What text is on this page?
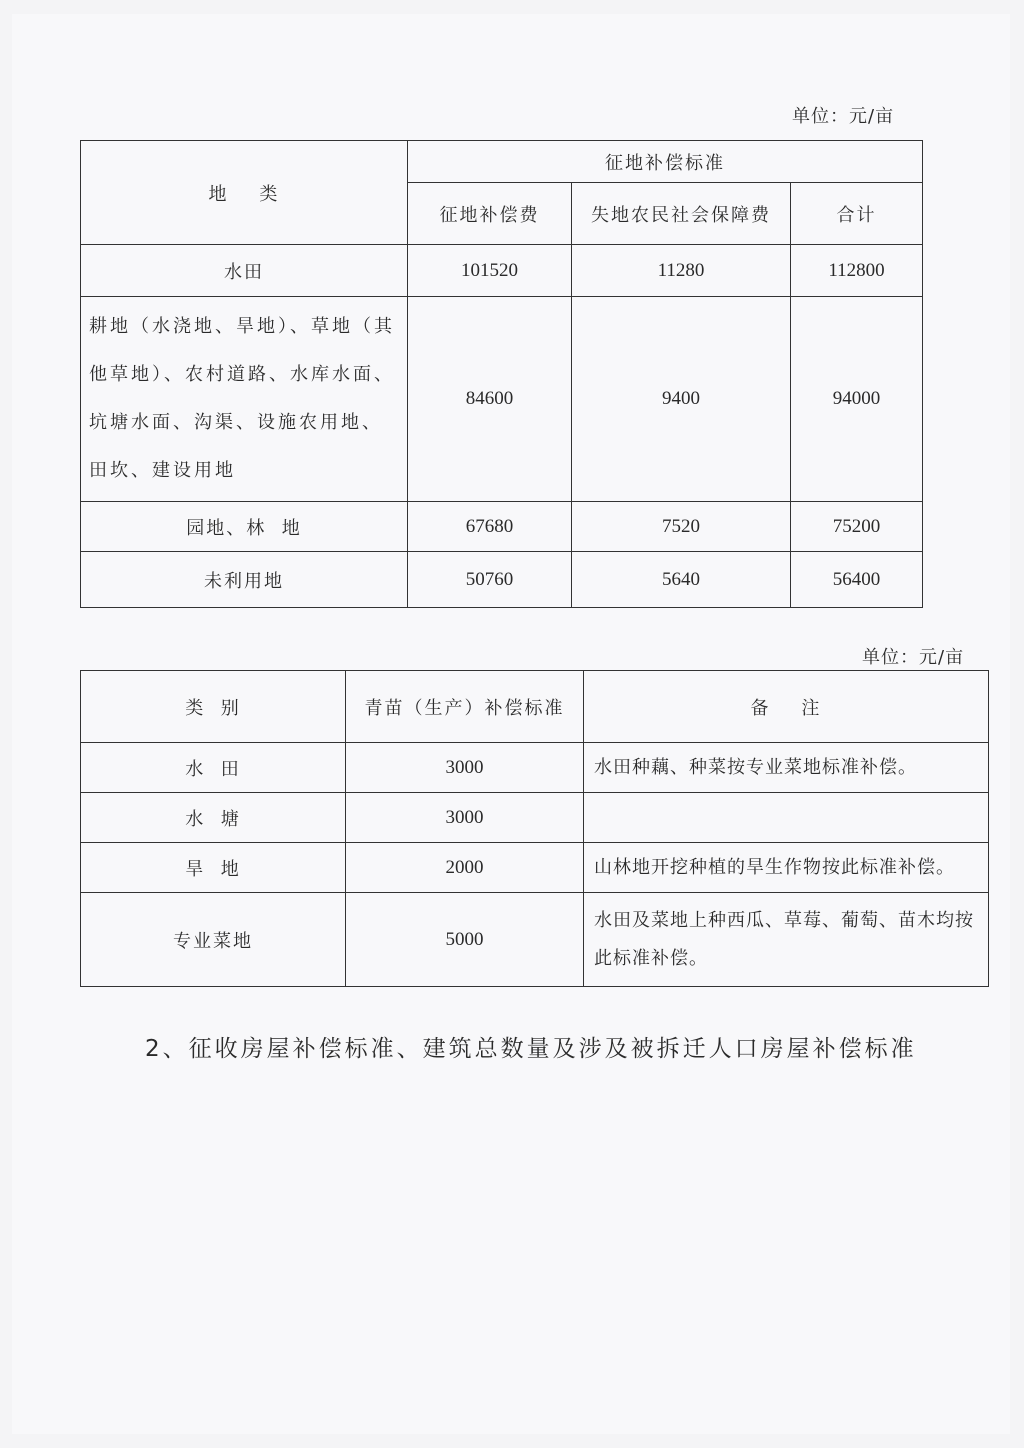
单位：元/亩
地    类	征地补偿标准		
	征地补偿费	失地农民社会保障费	合计
水田	101520	11280	112800
耕地（水浇地、旱地）、草地（其他草地）、农村道路、水库水面、坑塘水面、沟渠、设施农用地、田坎、建设用地	84600	9400	94000
园地、林  地	67680	7520	75200
未利用地	50760	5640	56400
单位：元/亩
类  别	青苗（生产）补偿标准	备    注
水  田	3000	水田种藕、种菜按专业菜地标准补偿。
水  塘	3000	
旱  地	2000	山林地开挖种植的旱生作物按此标准补偿。
专业菜地	5000	水田及菜地上种西瓜、草莓、葡萄、苗木均按此标准补偿。
2、征收房屋补偿标准、建筑总数量及涉及被拆迁人口房屋补偿标准
